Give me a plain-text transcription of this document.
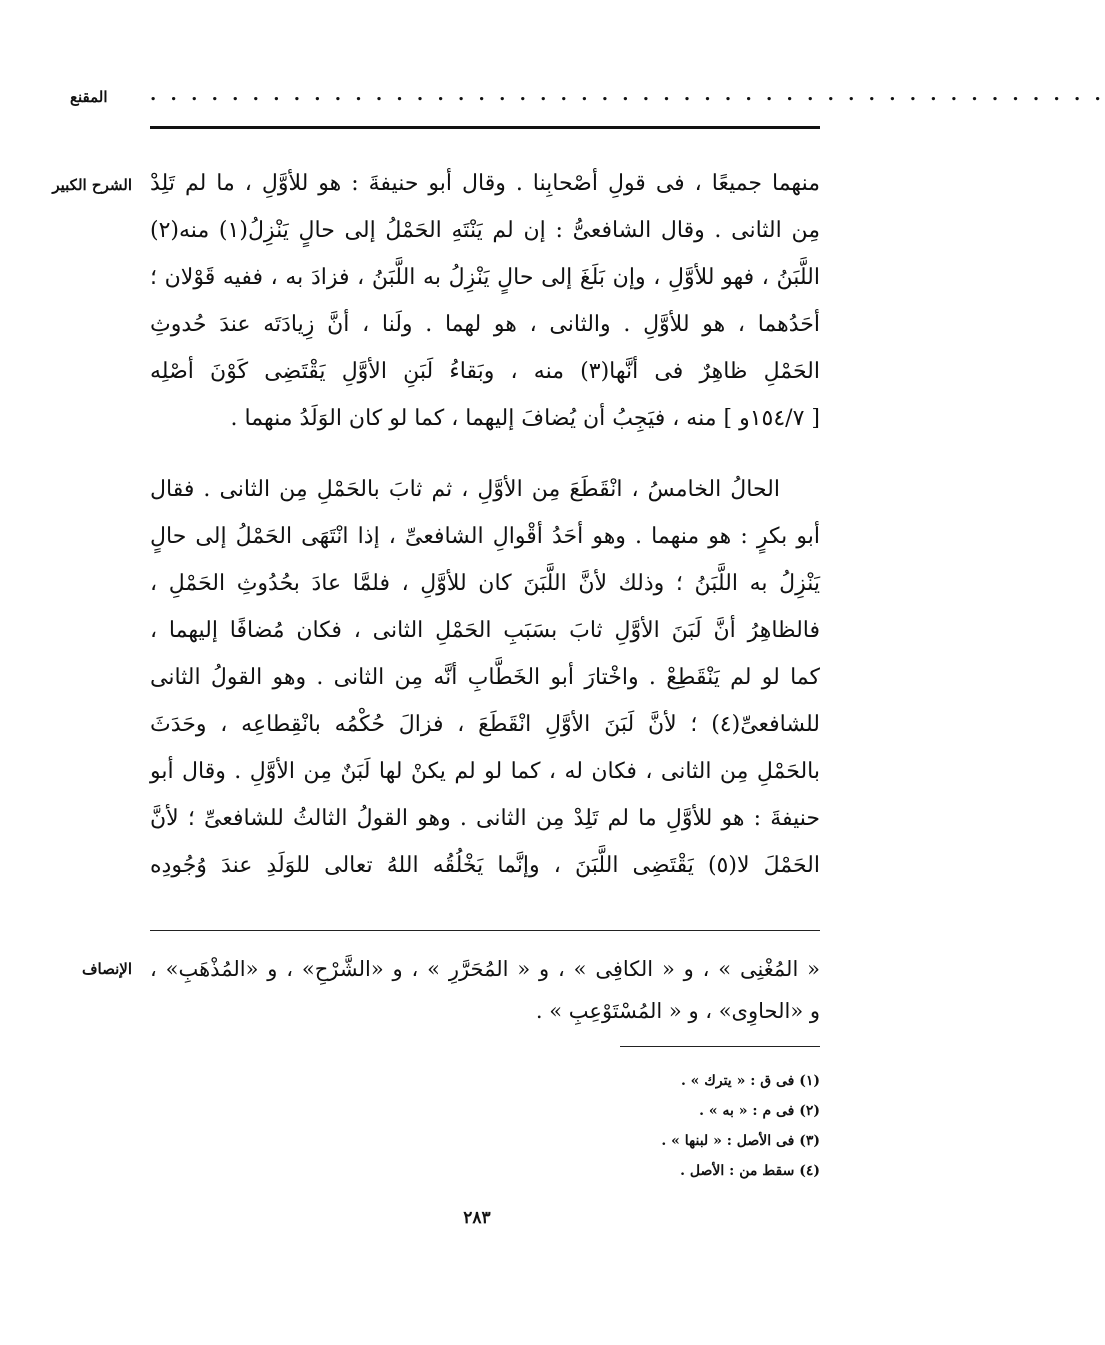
المقنع	. . . . . . . . . . . . . . . . . . . . . . . . . . . . . . . . . . . . . . . . . . . . . . .
الشرح الكبير منهما جميعًا ، فى قولِ أصْحابِنا . وقال أبو حنيفةَ : هو للأوَّلِ ، ما لم تَلِدْ
مِن الثانى . وقال الشافعىُّ : إن لم يَنْتَهِ الحَمْلُ إلى حالٍ يَنْزِلُ(١) منه(٢)
اللَّبَنُ ، فهو للأوَّلِ ، وإن بَلَغَ إلى حالٍ يَنْزِلُ به اللَّبَنُ ، فزادَ به ، ففيه قَوْلان ؛
أحَدُهما ، هو للأوَّلِ . والثانى ، هو لهما . ولَنا ، أنَّ زِيادَتَه عندَ حُدوثِ
الحَمْلِ ظاهِرٌ فى أنَّها(٣) منه ، وبَقاءُ لَبَنِ الأوَّلِ يَقْتَضِى كَوْنَ أصْلِه
[ ١٥٤/٧و ] منه ، فيَجِبُ أن يُضافَ إليهما ، كما لو كان الوَلَدُ منهما .
الحالُ الخامسُ ، انْقَطَعَ مِن الأوَّلِ ، ثم ثابَ بالحَمْلِ مِن الثانى . فقال
أبو بكرٍ : هو منهما . وهو أحَدُ أقْوالِ الشافعىِّ ، إذا انْتَهَى الحَمْلُ إلى حالٍ
يَنْزِلُ به اللَّبَنُ ؛ وذلك لأنَّ اللَّبَنَ كان للأوَّلِ ، فلمَّا عادَ بحُدُوثِ الحَمْلِ ،
فالظاهِرُ أنَّ لَبَنَ الأوَّلِ ثابَ بسَبَبِ الحَمْلِ الثانى ، فكان مُضافًا إليهما ،
كما لو لم يَنْقَطِعْ . واخْتارَ أبو الخَطَّابِ أنَّه مِن الثانى . وهو القولُ الثانى
للشافعىِّ(٤) ؛ لأنَّ لَبَنَ الأوَّلِ انْقَطَعَ ، فزالَ حُكْمُه بانْقِطاعِه ، وحَدَثَ
بالحَمْلِ مِن الثانى ، فكان له ، كما لو لم يكنْ لها لَبَنٌ مِن الأوَّلِ . وقال أبو
حنيفةَ : هو للأوَّلِ ما لم تَلِدْ مِن الثانى . وهو القولُ الثالثُ للشافعىِّ ؛ لأنَّ
الحَمْلَ لا(٥) يَقْتَضِى اللَّبَنَ ، وإنَّما يَخْلُقُه اللهُ تعالى للوَلَدِ عندَ وُجُودِه
الإنصاف « المُغْنِى » ، و « الكافِى » ، و « المُحَرَّرِ » ، و «الشَّرْحِ» ، و «المُذْهَبِ» ،
و «الحاوِى» ، و « المُسْتَوْعِبِ » .
(١) فى ق : « يترك » .
(٢) فى م : « به » .
(٣) فى الأصل : « لبنها » .
(٤) سقط من : الأصل .
٢٨٣
